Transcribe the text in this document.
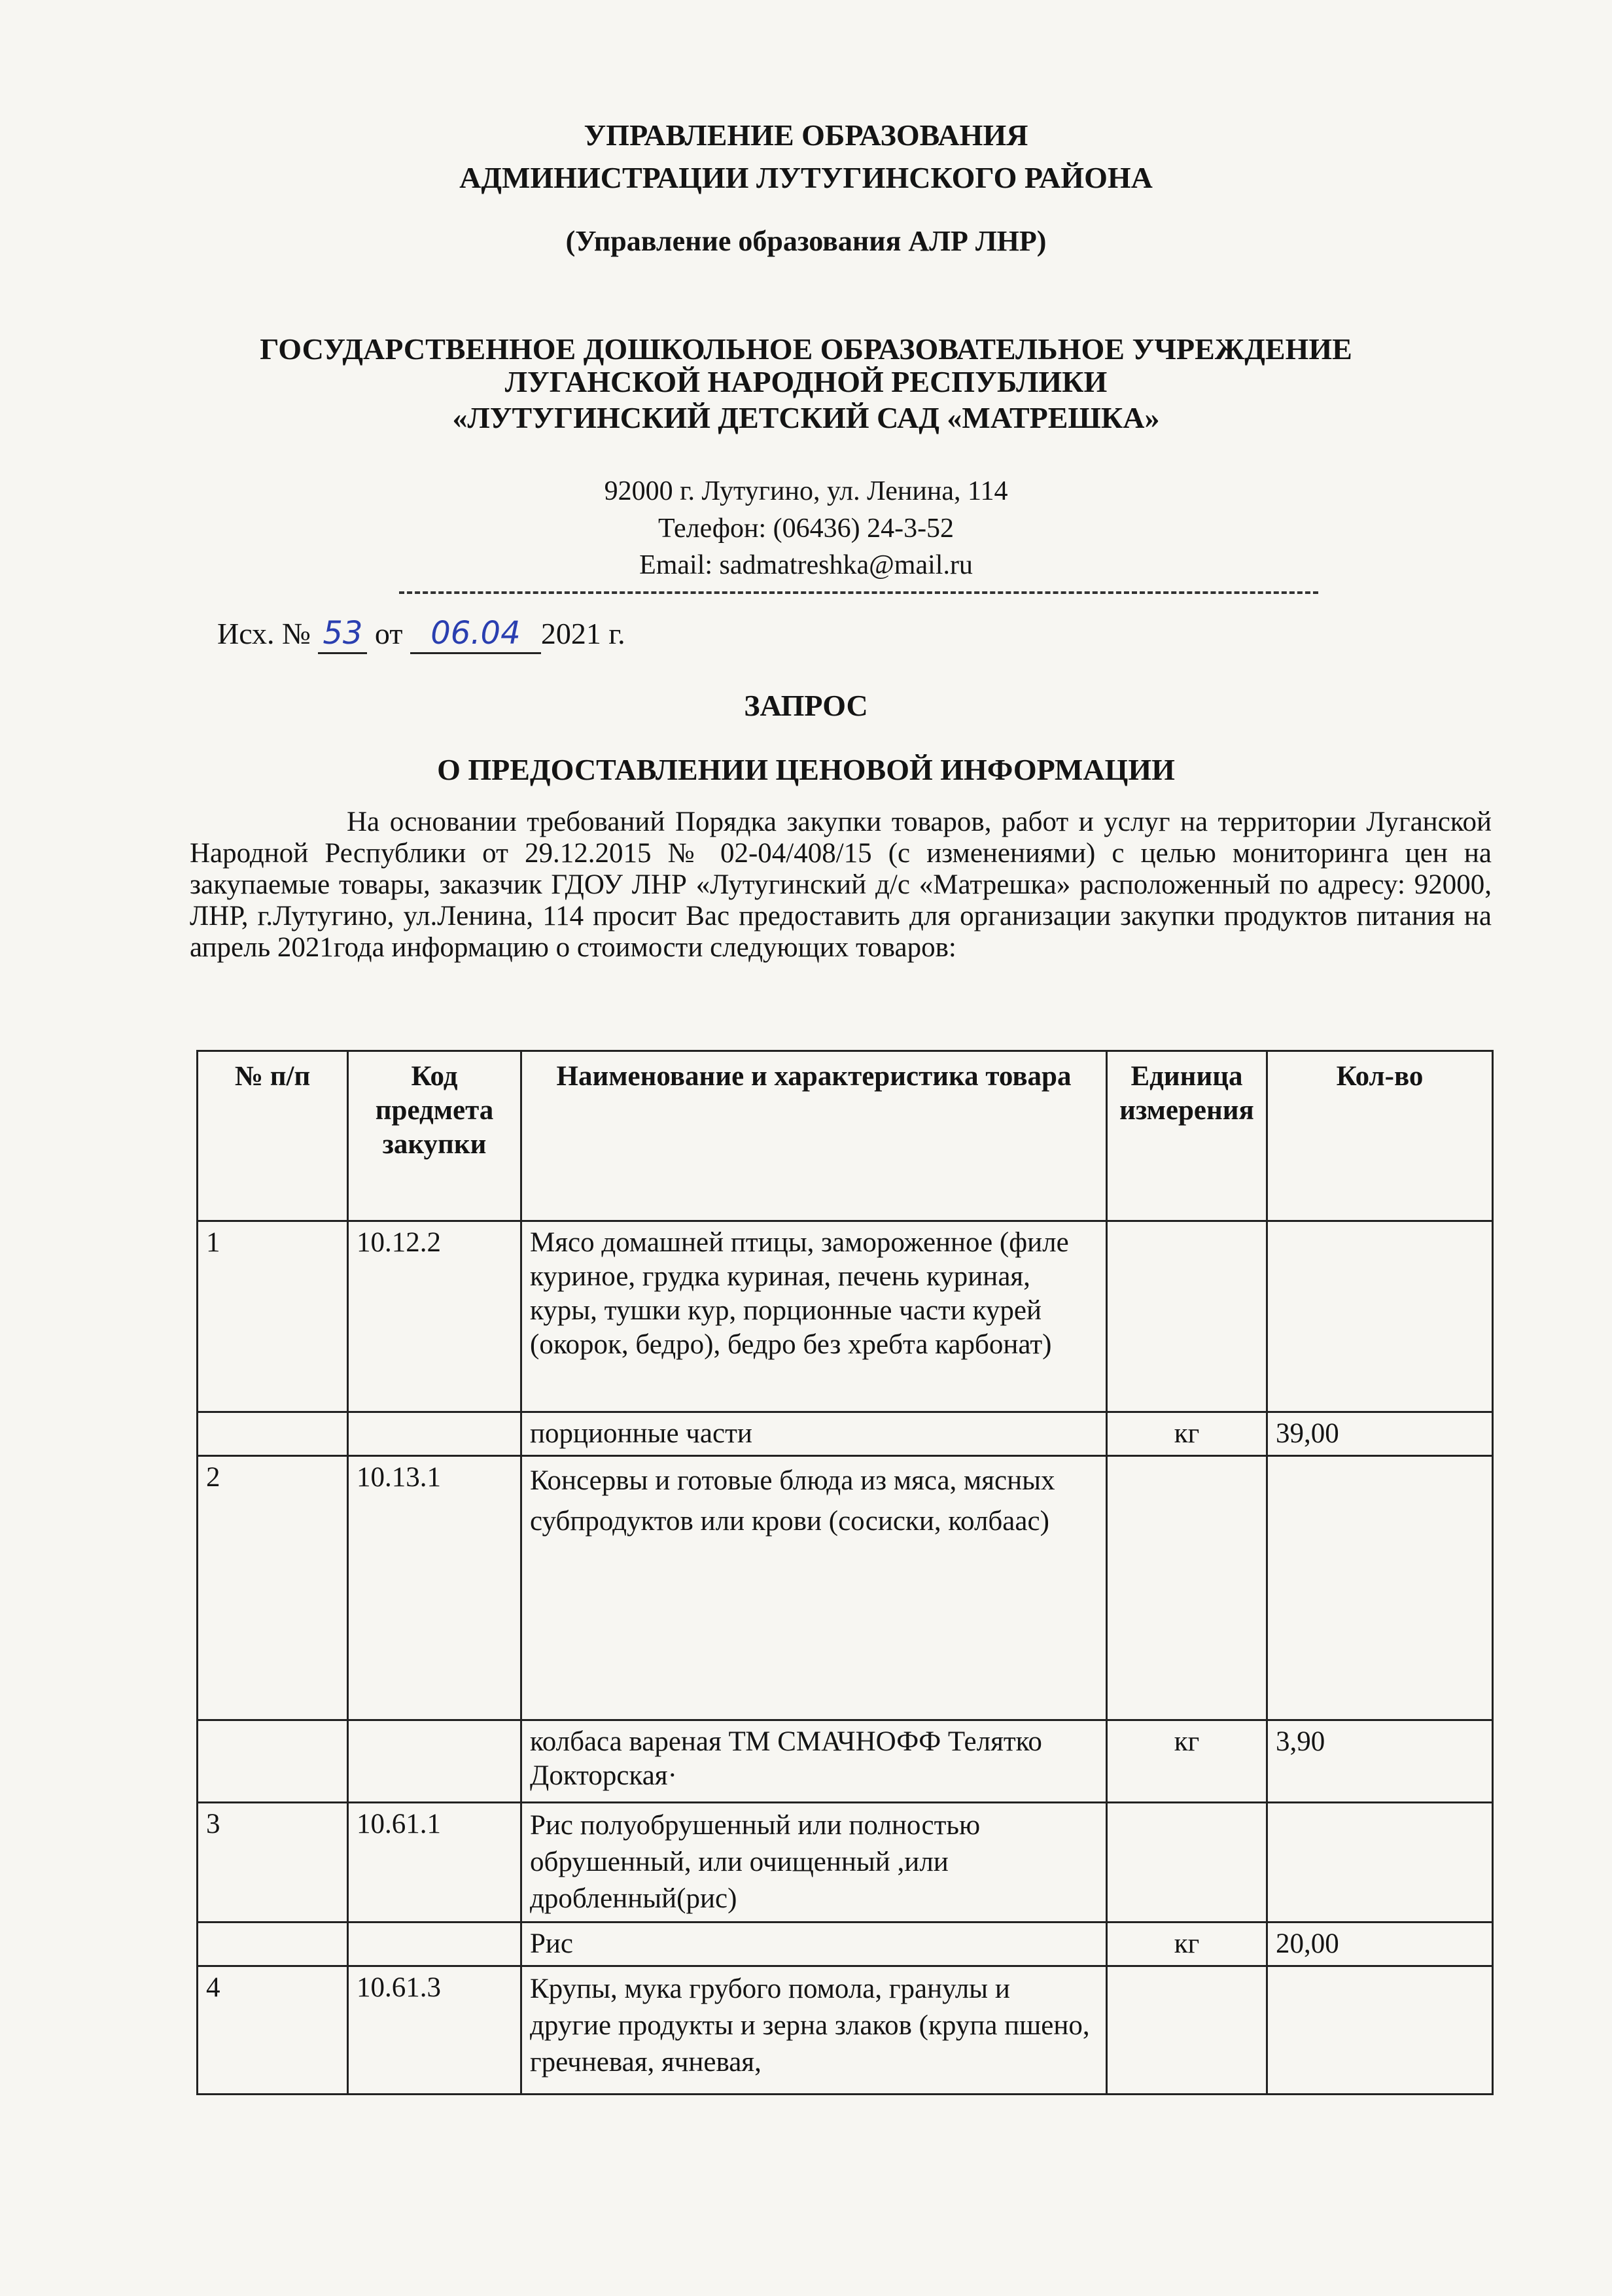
УПРАВЛЕНИЕ ОБРАЗОВАНИЯ
АДМИНИСТРАЦИИ ЛУТУГИНСКОГО РАЙОНА
(Управление образования АЛР ЛНР)
ГОСУДАРСТВЕННОЕ ДОШКОЛЬНОЕ ОБРАЗОВАТЕЛЬНОЕ УЧРЕЖДЕНИЕ
ЛУГАНСКОЙ НАРОДНОЙ РЕСПУБЛИКИ
«ЛУТУГИНСКИЙ ДЕТСКИЙ САД «МАТРЕШКА»
92000 г. Лутугино, ул. Ленина, 114
Телефон: (06436) 24-3-52
Email: sadmatreshka@mail.ru
Исх. № 53 от 06.04 2021 г.
ЗАПРОС
О ПРЕДОСТАВЛЕНИИ ЦЕНОВОЙ ИНФОРМАЦИИ

На основании требований Порядка закупки товаров, работ и услуг на территории Луганской Народной Республики от 29.12.2015 № 02-04/408/15 (с изменениями) с целью мониторинга цен на закупаемые товары, заказчик ГДОУ ЛНР «Лутугинский д/с «Матрешка» расположенный по адресу: 92000, ЛНР, г.Лутугино, ул.Ленина, 114 просит Вас предоставить для организации закупки продуктов питания на апрель 2021года информацию о стоимости следующих товаров:

№ п/п	Код предмета закупки	Наименование и характеристика товара	Единица измерения	Кол-во
1	10.12.2	Мясо домашней птицы, замороженное (филе куриное, грудка куриная, печень куриная, куры, тушки кур, порционные части курей (окорок, бедро), бедро без хребта карбонат)		
		порционные части	кг	39,00
2	10.13.1	Консервы и готовые блюда из мяса, мясных субпродуктов или крови (сосиски, колбаас)		
		колбаса вареная ТМ СМАЧНОФФ Телятко Докторская·	кг	3,90
3	10.61.1	Рис полуобрушенный или полностью обрушенный, или очищенный ,или дробленный(рис)		
		Рис	кг	20,00
4	10.61.3	Крупы, мука грубого помола, гранулы и другие продукты и зерна злаков (крупа пшено, гречневая, ячневая,		
